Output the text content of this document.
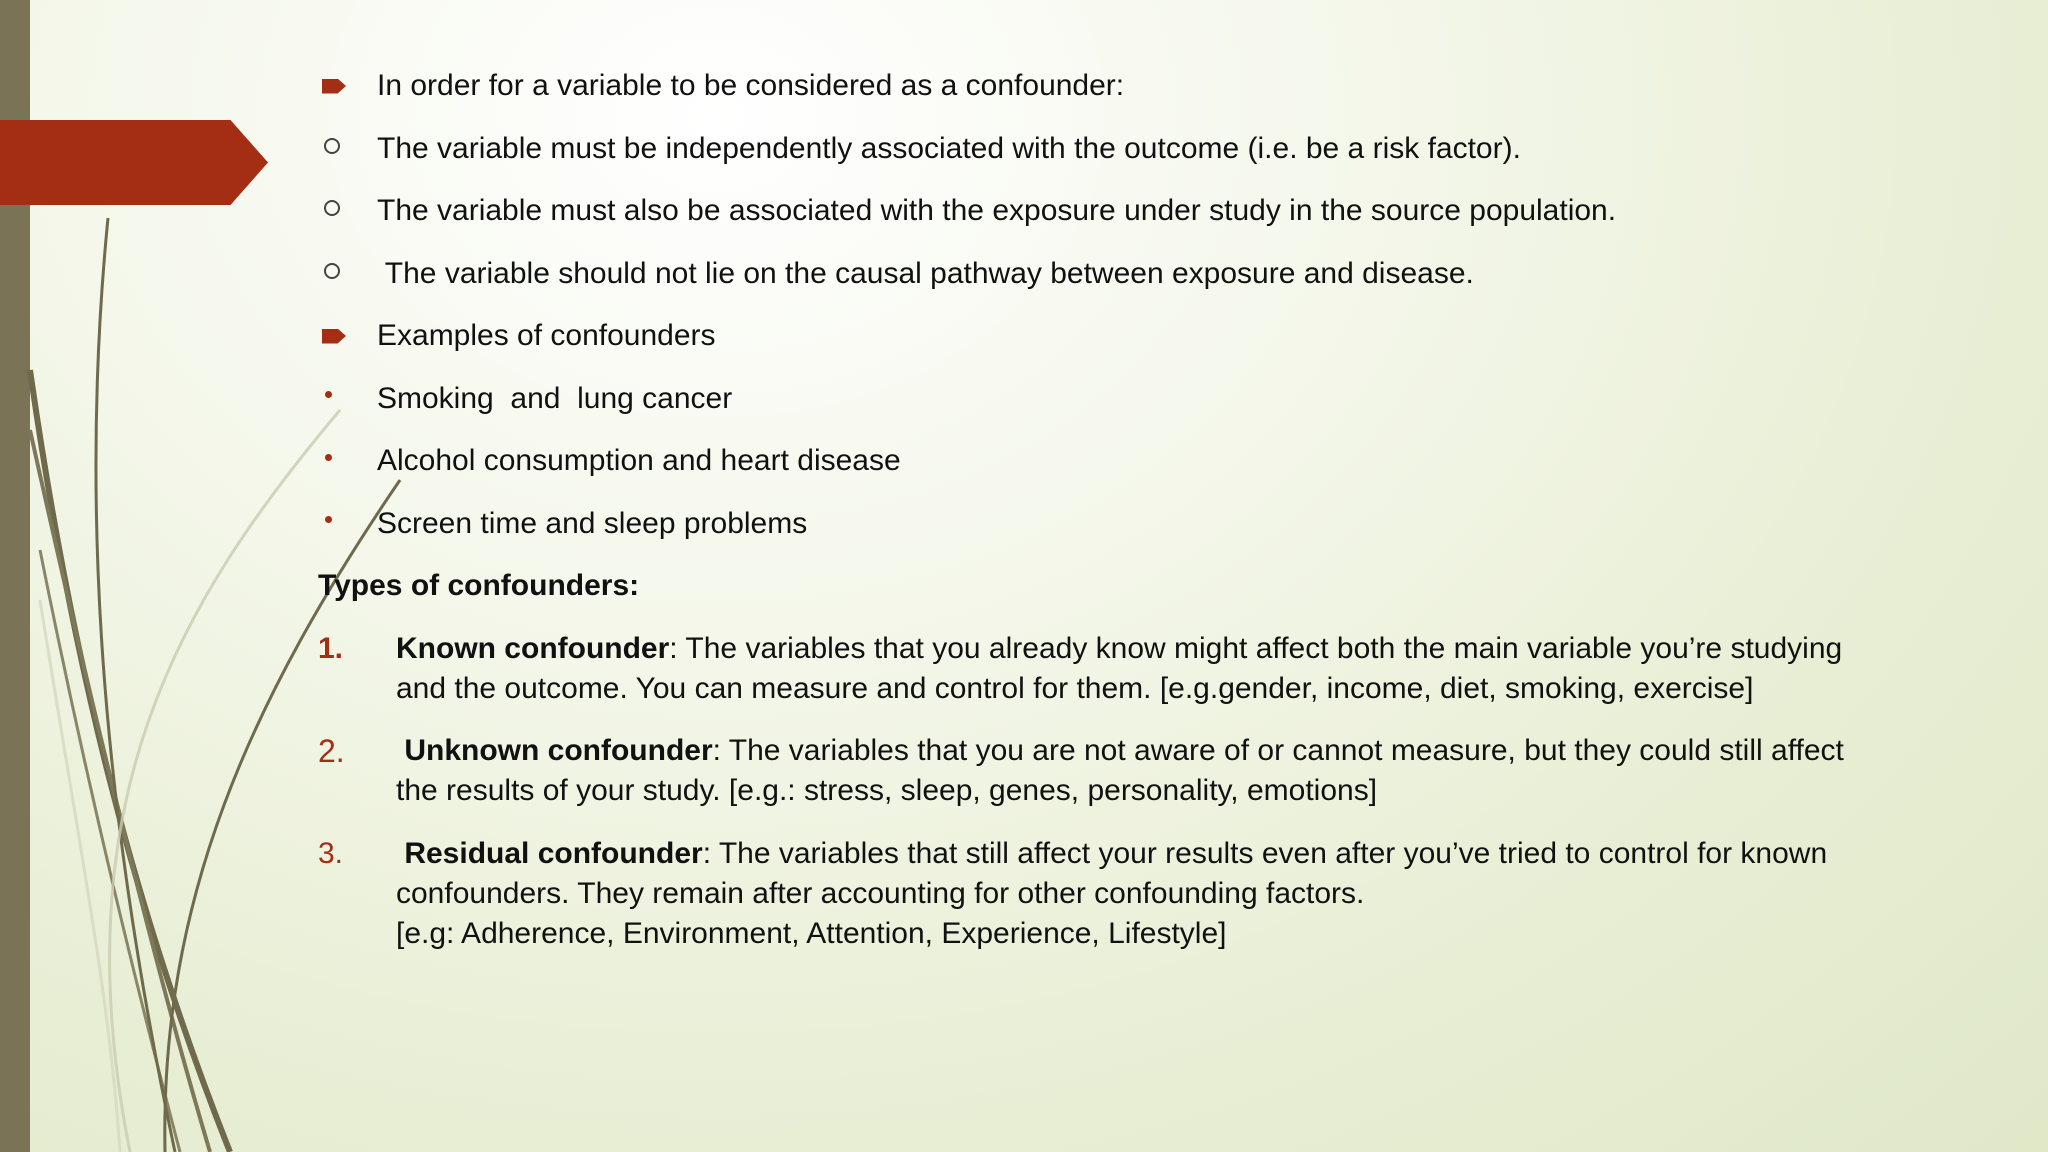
In order for a variable to be considered as a confounder:
The variable must be independently associated with the outcome (i.e. be a risk factor).
The variable must also be associated with the exposure under study in the source population.
The variable should not lie on the causal pathway between exposure and disease.
Examples of confounders
Smoking  and  lung cancer
Alcohol consumption and heart disease
Screen time and sleep problems
Types of confounders:
1.	Known confounder: The variables that you already know might affect both the main variable you’re studying
and the outcome. You can measure and control for them. [e.g.gender, income, diet, smoking, exercise]
2.	Unknown confounder: The variables that you are not aware of or cannot measure, but they could still affect
the results of your study. [e.g.: stress, sleep, genes, personality, emotions]
3.	Residual confounder: The variables that still affect your results even after you’ve tried to control for known
confounders. They remain after accounting for other confounding factors.
[e.g: Adherence, Environment, Attention, Experience, Lifestyle]
